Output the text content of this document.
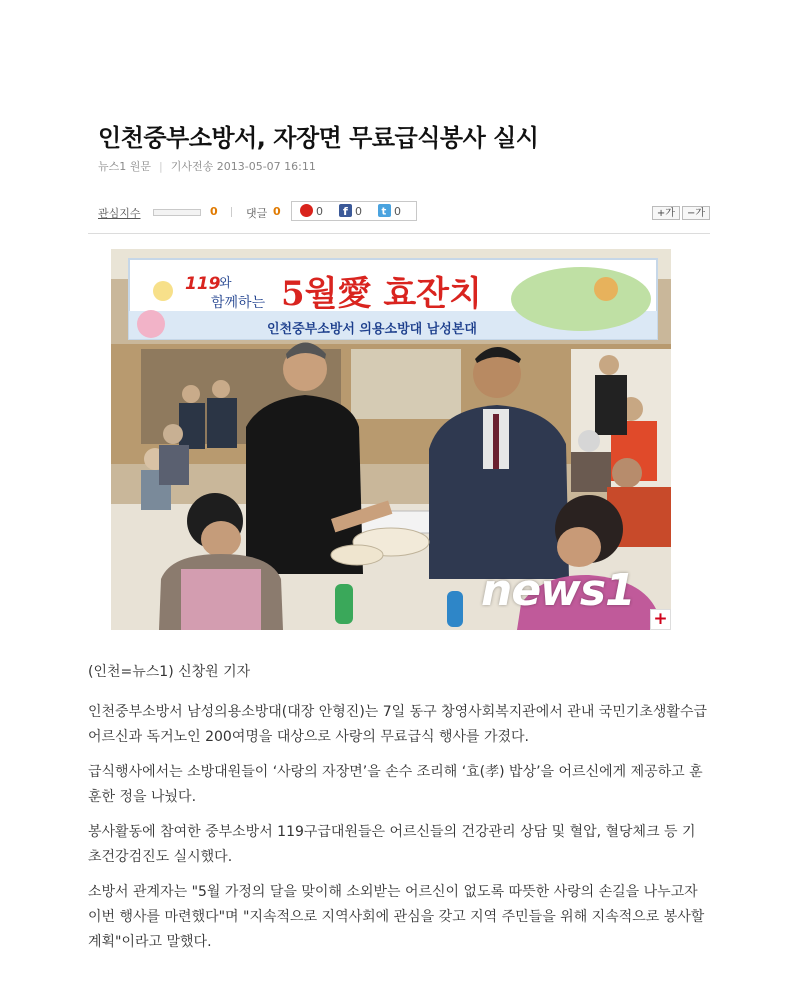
인천중부소방서, 자장면 무료급식봉사 실시
뉴스1 원문 | 기사전송 2013-05-07 16:11
관심지수	0	댓글 0	0 f 0 t 0	+가 −가
119
와
함께하는 5월愛 효잔치
인천중부소방서 의용소방대 남성본대
news1
+

(인천=뉴스1) 신창원 기자

인천중부소방서 남성의용소방대(대장 안형진)는 7일 동구 창영사회복지관에서 관내 국민기초생활수급 어르신과 독거노인 200여명을 대상으로 사랑의 무료급식 행사를 가졌다.

급식행사에서는 소방대원들이 ‘사랑의 자장면’을 손수 조리해 ‘효(孝) 밥상’을 어르신에게 제공하고 훈훈한 정을 나눴다.

봉사활동에 참여한 중부소방서 119구급대원들은 어르신들의 건강관리 상담 및 혈압, 혈당체크 등 기초건강검진도 실시했다.

소방서 관계자는 "5월 가정의 달을 맞이해 소외받는 어르신이 없도록 따뜻한 사랑의 손길을 나누고자 이번 행사를 마련했다"며 "지속적으로 지역사회에 관심을 갖고 지역 주민들을 위해 지속적으로 봉사할 계획"이라고 말했다.
